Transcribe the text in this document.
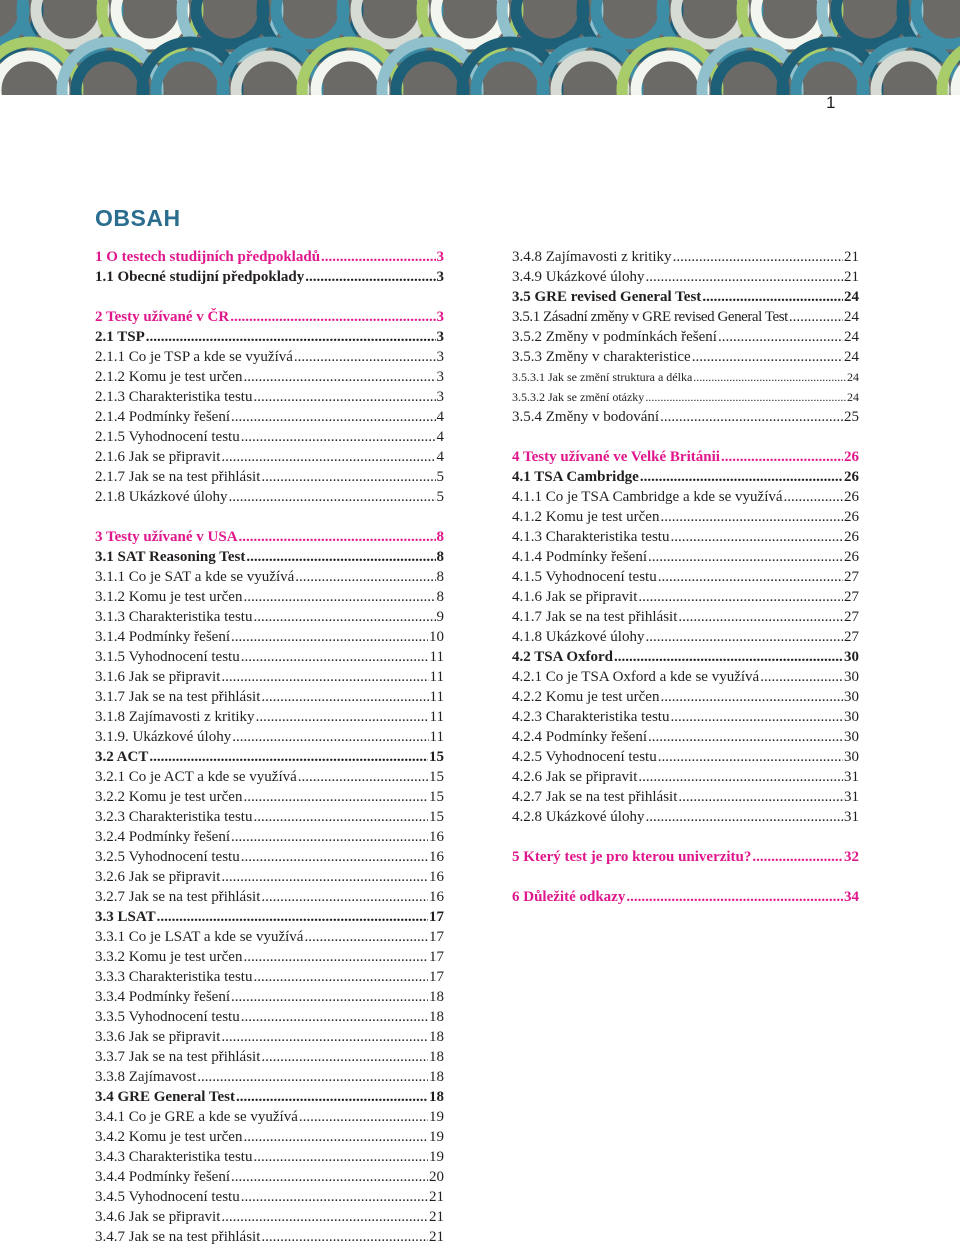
1
OBSAH
1 O testech studijních předpokladů .....	3
1.1 Obecné studijní předpoklady .....	3
2 Testy užívané v ČR .....	3
2.1 TSP .....	3
2.1.1 Co je TSP a kde se využívá .....	3
2.1.2 Komu je test určen .....	3
2.1.3 Charakteristika testu .....	3
2.1.4 Podmínky řešení .....	4
2.1.5 Vyhodnocení testu .....	4
2.1.6 Jak se připravit .....	4
2.1.7 Jak se na test přihlásit .....	5
2.1.8 Ukázkové úlohy .....	5
3 Testy užívané v USA .....	8
3.1 SAT Reasoning Test .....	8
3.1.1 Co je SAT a kde se využívá .....	8
3.1.2 Komu je test určen .....	8
3.1.3 Charakteristika testu .....	9
3.1.4 Podmínky řešení .....	10
3.1.5 Vyhodnocení testu .....	11
3.1.6 Jak se připravit .....	11
3.1.7 Jak se na test přihlásit .....	11
3.1.8 Zajímavosti z kritiky .....	11
3.1.9. Ukázkové úlohy .....	11
3.2 ACT .....	15
3.2.1 Co je ACT a kde se využívá .....	15
3.2.2 Komu je test určen .....	15
3.2.3 Charakteristika testu .....	15
3.2.4 Podmínky řešení .....	16
3.2.5 Vyhodnocení testu .....	16
3.2.6 Jak se připravit .....	16
3.2.7 Jak se na test přihlásit .....	16
3.3 LSAT .....	17
3.3.1 Co je LSAT a kde se využívá .....	17
3.3.2 Komu je test určen .....	17
3.3.3 Charakteristika testu .....	17
3.3.4 Podmínky řešení .....	18
3.3.5 Vyhodnocení testu .....	18
3.3.6 Jak se připravit .....	18
3.3.7 Jak se na test přihlásit .....	18
3.3.8 Zajímavost .....	18
3.4 GRE General Test .....	18
3.4.1 Co je GRE a kde se využívá .....	19
3.4.2 Komu je test určen .....	19
3.4.3 Charakteristika testu .....	19
3.4.4 Podmínky řešení .....	20
3.4.5 Vyhodnocení testu .....	21
3.4.6 Jak se připravit .....	21
3.4.7 Jak se na test přihlásit .....	21
3.4.8 Zajímavosti z kritiky .....	21
3.4.9 Ukázkové úlohy .....	21
3.5 GRE revised General Test .....	24
3.5.1 Zásadní změny v GRE revised General Test .....	24
3.5.2 Změny v podmínkách řešení .....	24
3.5.3 Změny v charakteristice .....	24
3.5.3.1 Jak se změní struktura a délka .....	24
3.5.3.2 Jak se změní otázky .....	24
3.5.4 Změny v bodování .....	25
4 Testy užívané ve Velké Británii .....	26
4.1 TSA Cambridge .....	26
4.1.1 Co je TSA Cambridge a kde se využívá .....	26
4.1.2 Komu je test určen .....	26
4.1.3 Charakteristika testu .....	26
4.1.4 Podmínky řešení .....	26
4.1.5 Vyhodnocení testu .....	27
4.1.6 Jak se připravit .....	27
4.1.7 Jak se na test přihlásit .....	27
4.1.8 Ukázkové úlohy .....	27
4.2 TSA Oxford .....	30
4.2.1 Co je TSA Oxford a kde se využívá .....	30
4.2.2 Komu je test určen .....	30
4.2.3 Charakteristika testu .....	30
4.2.4 Podmínky řešení .....	30
4.2.5 Vyhodnocení testu .....	30
4.2.6 Jak se připravit .....	31
4.2.7 Jak se na test přihlásit .....	31
4.2.8 Ukázkové úlohy .....	31
5 Který test je pro kterou univerzitu? .....	32
6 Důležité odkazy .....	34
